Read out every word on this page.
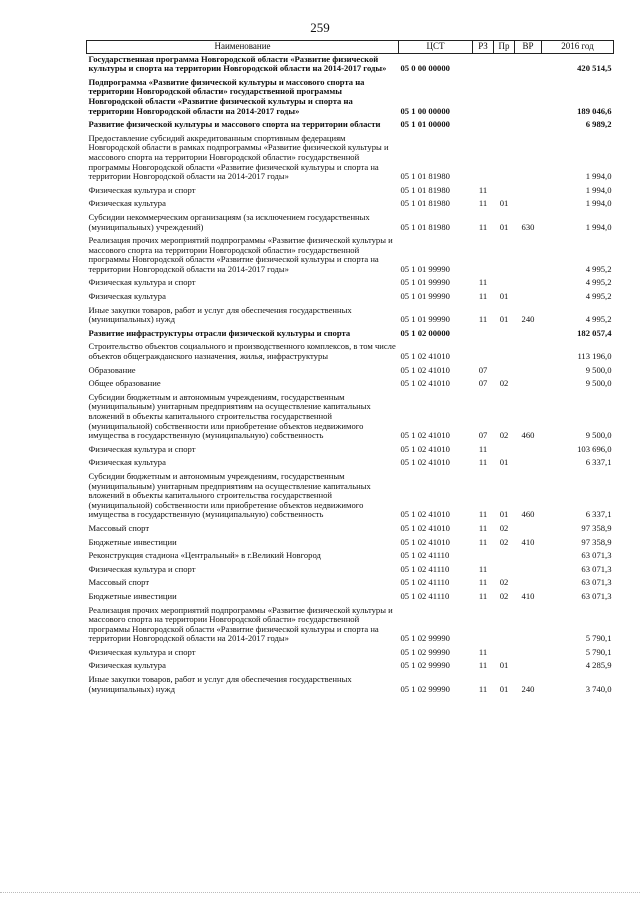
259
Наименование	ЦСТ	РЗ	Пр	ВР	2016 год
Государственная программа Новгородской области «Развитие физической культуры и спорта на территории Новгородской области на 2014-2017 годы»	05 0 00 00000				420 514,5
Подпрограмма «Развитие физической культуры и массового спорта на территории Новгородской области» государственной программы Новгородской области «Развитие физической культуры и спорта на территории Новгородской области на 2014-2017 годы»	05 1 00 00000				189 046,6
Развитие физической культуры и массового спорта на территории области	05 1 01 00000				6 989,2
Предоставление субсидий аккредитованным спортивным федерациям Новгородской области в рамках подпрограммы «Развитие физической культуры и массового спорта на территории Новгородской области» государственной программы Новгородской области «Развитие физической культуры и спорта на территории Новгородской области на 2014-2017 годы»	05 1 01 81980				1 994,0
Физическая культура и спорт	05 1 01 81980	11			1 994,0
Физическая культура	05 1 01 81980	11	01		1 994,0
Субсидии некоммерческим организациям (за исключением государственных (муниципальных) учреждений)	05 1 01 81980	11	01	630	1 994,0
Реализация прочих мероприятий подпрограммы «Развитие физической культуры и массового спорта на территории Новгородской области» государственной программы Новгородской области «Развитие физической культуры и спорта на территории Новгородской области на 2014-2017 годы»	05 1 01 99990				4 995,2
Физическая культура и спорт	05 1 01 99990	11			4 995,2
Физическая культура	05 1 01 99990	11	01		4 995,2
Иные закупки товаров, работ и услуг для обеспечения государственных (муниципальных) нужд	05 1 01 99990	11	01	240	4 995,2
Развитие инфраструктуры отрасли физической культуры и спорта	05 1 02 00000				182 057,4
Строительство объектов социального и производственного комплексов, в том числе объектов общегражданского назначения, жилья, инфраструктуры	05 1 02 41010				113 196,0
Образование	05 1 02 41010	07			9 500,0
Общее образование	05 1 02 41010	07	02		9 500,0
Субсидии бюджетным и автономным учреждениям, государственным (муниципальным) унитарным предприятиям на осуществление капитальных вложений в объекты капитального строительства государственной (муниципальной) собственности или приобретение объектов недвижимого имущества в государственную (муниципальную) собственность	05 1 02 41010	07	02	460	9 500,0
Физическая культура и спорт	05 1 02 41010	11			103 696,0
Физическая культура	05 1 02 41010	11	01		6 337,1
Субсидии бюджетным и автономным учреждениям, государственным (муниципальным) унитарным предприятиям на осуществление капитальных вложений в объекты капитального строительства государственной (муниципальной) собственности или приобретение объектов недвижимого имущества в государственную (муниципальную) собственность	05 1 02 41010	11	01	460	6 337,1
Массовый спорт	05 1 02 41010	11	02		97 358,9
Бюджетные инвестиции	05 1 02 41010	11	02	410	97 358,9
Реконструкция стадиона «Центральный» в г.Великий Новгород	05 1 02 41110				63 071,3
Физическая культура и спорт	05 1 02 41110	11			63 071,3
Массовый спорт	05 1 02 41110	11	02		63 071,3
Бюджетные инвестиции	05 1 02 41110	11	02	410	63 071,3
Реализация прочих мероприятий подпрограммы «Развитие физической культуры и массового спорта на территории Новгородской области» государственной программы Новгородской области «Развитие физической культуры и спорта на территории Новгородской области на 2014-2017 годы»	05 1 02 99990				5 790,1
Физическая культура и спорт	05 1 02 99990	11			5 790,1
Физическая культура	05 1 02 99990	11	01		4 285,9
Иные закупки товаров, работ и услуг для обеспечения государственных (муниципальных) нужд	05 1 02 99990	11	01	240	3 740,0
